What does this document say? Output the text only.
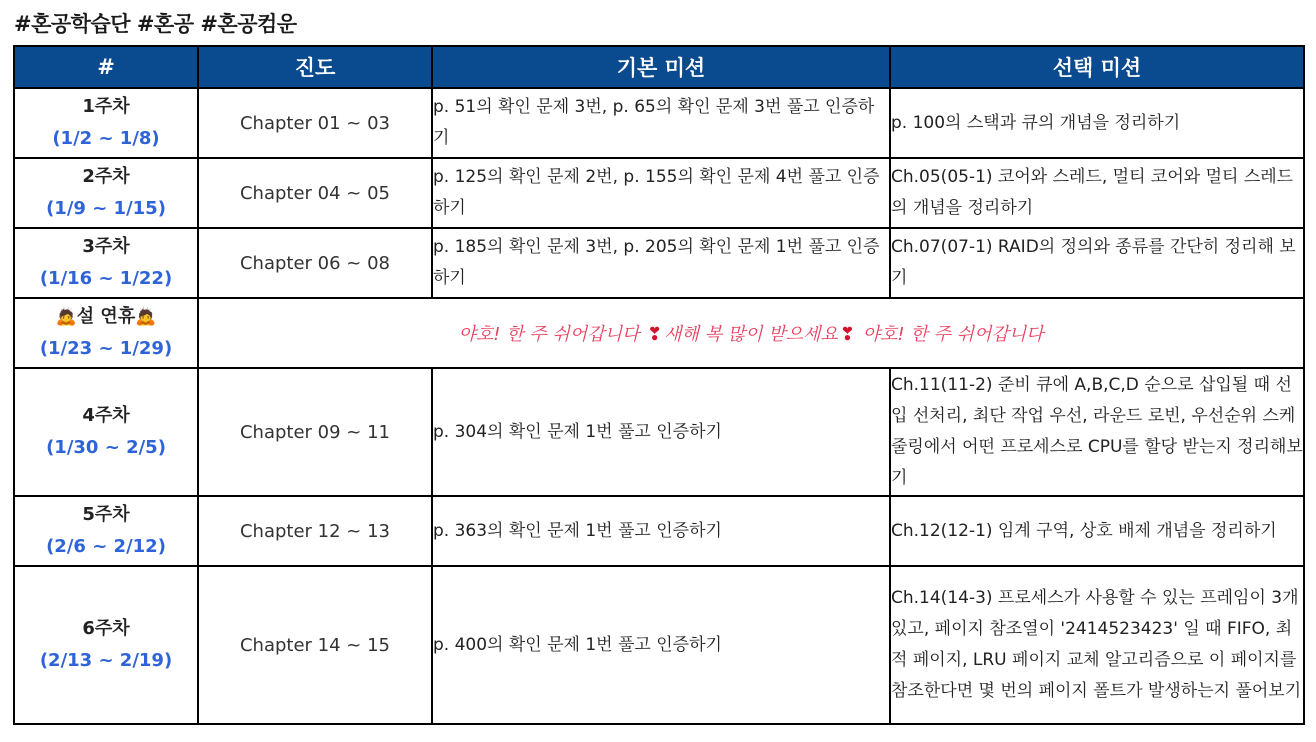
#혼공학습단 #혼공 #혼공컴운
#	진도	기본 미션	선택 미션

1주차
(1/2 ~ 1/8)	Chapter 01 ~ 03	p. 51의 확인 문제 3번, p. 65의 확인 문제 3번 풀고 인증하기	p. 100의 스택과 큐의 개념을 정리하기

2주차
(1/9 ~ 1/15)	Chapter 04 ~ 05	p. 125의 확인 문제 2번, p. 155의 확인 문제 4번 풀고 인증하기	Ch.05(05-1) 코어와 스레드, 멀티 코어와 멀티 스레드의 개념을 정리하기

3주차
(1/16 ~ 1/22)	Chapter 06 ~ 08	p. 185의 확인 문제 3번, p. 205의 확인 문제 1번 풀고 인증하기	Ch.07(07-1) RAID의 정의와 종류를 간단히 정리해 보기

🙇설 연휴🙇
(1/23 ~ 1/29)	야호! 한 주 쉬어갑니다 ❣ 새해 복 많이 받으세요 ❣ 야호! 한 주 쉬어갑니다		

4주차
(1/30 ~ 2/5)	Chapter 09 ~ 11	p. 304의 확인 문제 1번 풀고 인증하기	Ch.11(11-2) 준비 큐에 A,B,C,D 순으로 삽입될 때 선입 선처리, 최단 작업 우선, 라운드 로빈, 우선순위 스케줄링에서 어떤 프로세스로 CPU를 할당 받는지 정리해보기

5주차
(2/6 ~ 2/12)	Chapter 12 ~ 13	p. 363의 확인 문제 1번 풀고 인증하기	Ch.12(12-1) 임계 구역, 상호 배제 개념을 정리하기

6주차
(2/13 ~ 2/19)	Chapter 14 ~ 15	p. 400의 확인 문제 1번 풀고 인증하기	Ch.14(14-3) 프로세스가 사용할 수 있는 프레임이 3개 있고, 페이지 참조열이 '2414523423' 일 때 FIFO, 최적 페이지, LRU 페이지 교체 알고리즘으로 이 페이지를 참조한다면 몇 번의 페이지 폴트가 발생하는지 풀어보기
